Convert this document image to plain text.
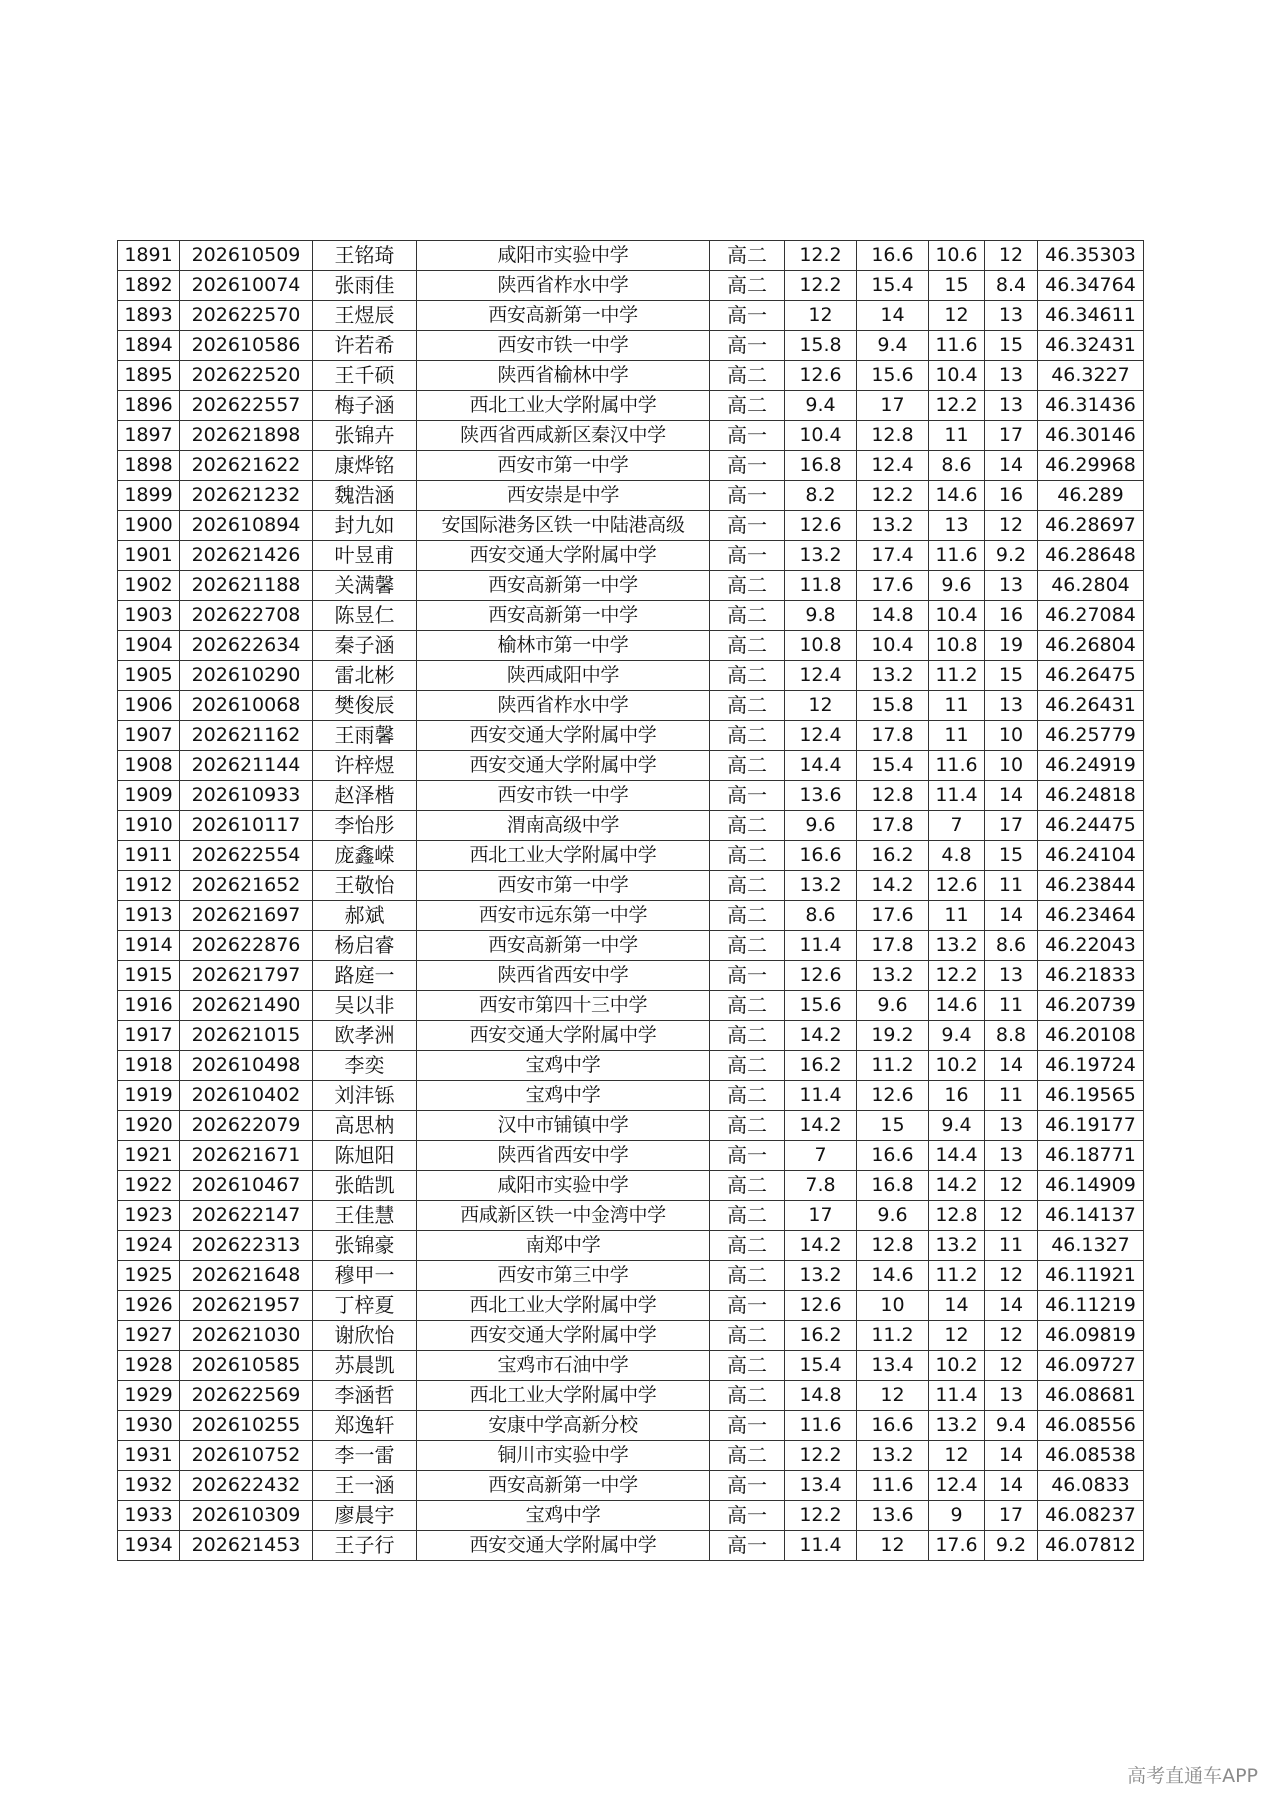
1891	202610509	王铭琦	咸阳市实验中学	高二	12.2	16.6	10.6	12	46.35303
1892	202610074	张雨佳	陕西省柞水中学	高二	12.2	15.4	15	8.4	46.34764
1893	202622570	王煜辰	西安高新第一中学	高一	12	14	12	13	46.34611
1894	202610586	许若希	西安市铁一中学	高一	15.8	9.4	11.6	15	46.32431
1895	202622520	王千硕	陕西省榆林中学	高二	12.6	15.6	10.4	13	46.3227
1896	202622557	梅子涵	西北工业大学附属中学	高二	9.4	17	12.2	13	46.31436
1897	202621898	张锦卉	陕西省西咸新区秦汉中学	高一	10.4	12.8	11	17	46.30146
1898	202621622	康烨铭	西安市第一中学	高一	16.8	12.4	8.6	14	46.29968
1899	202621232	魏浩涵	西安崇是中学	高一	8.2	12.2	14.6	16	46.289
1900	202610894	封九如	安国际港务区铁一中陆港高级	高一	12.6	13.2	13	12	46.28697
1901	202621426	叶昱甫	西安交通大学附属中学	高一	13.2	17.4	11.6	9.2	46.28648
1902	202621188	关满馨	西安高新第一中学	高二	11.8	17.6	9.6	13	46.2804
1903	202622708	陈昱仁	西安高新第一中学	高二	9.8	14.8	10.4	16	46.27084
1904	202622634	秦子涵	榆林市第一中学	高二	10.8	10.4	10.8	19	46.26804
1905	202610290	雷北彬	陕西咸阳中学	高二	12.4	13.2	11.2	15	46.26475
1906	202610068	樊俊辰	陕西省柞水中学	高二	12	15.8	11	13	46.26431
1907	202621162	王雨馨	西安交通大学附属中学	高二	12.4	17.8	11	10	46.25779
1908	202621144	许梓煜	西安交通大学附属中学	高二	14.4	15.4	11.6	10	46.24919
1909	202610933	赵泽楷	西安市铁一中学	高一	13.6	12.8	11.4	14	46.24818
1910	202610117	李怡彤	渭南高级中学	高二	9.6	17.8	7	17	46.24475
1911	202622554	庞鑫嵘	西北工业大学附属中学	高二	16.6	16.2	4.8	15	46.24104
1912	202621652	王敬怡	西安市第一中学	高二	13.2	14.2	12.6	11	46.23844
1913	202621697	郝斌	西安市远东第一中学	高二	8.6	17.6	11	14	46.23464
1914	202622876	杨启睿	西安高新第一中学	高二	11.4	17.8	13.2	8.6	46.22043
1915	202621797	路庭一	陕西省西安中学	高一	12.6	13.2	12.2	13	46.21833
1916	202621490	吴以非	西安市第四十三中学	高二	15.6	9.6	14.6	11	46.20739
1917	202621015	欧孝洲	西安交通大学附属中学	高二	14.2	19.2	9.4	8.8	46.20108
1918	202610498	李奕	宝鸡中学	高二	16.2	11.2	10.2	14	46.19724
1919	202610402	刘沣铄	宝鸡中学	高二	11.4	12.6	16	11	46.19565
1920	202622079	高思枘	汉中市铺镇中学	高二	14.2	15	9.4	13	46.19177
1921	202621671	陈旭阳	陕西省西安中学	高一	7	16.6	14.4	13	46.18771
1922	202610467	张皓凯	咸阳市实验中学	高二	7.8	16.8	14.2	12	46.14909
1923	202622147	王佳慧	西咸新区铁一中金湾中学	高二	17	9.6	12.8	12	46.14137
1924	202622313	张锦豪	南郑中学	高二	14.2	12.8	13.2	11	46.1327
1925	202621648	穆甲一	西安市第三中学	高二	13.2	14.6	11.2	12	46.11921
1926	202621957	丁梓夏	西北工业大学附属中学	高一	12.6	10	14	14	46.11219
1927	202621030	谢欣怡	西安交通大学附属中学	高二	16.2	11.2	12	12	46.09819
1928	202610585	苏晨凯	宝鸡市石油中学	高二	15.4	13.4	10.2	12	46.09727
1929	202622569	李涵哲	西北工业大学附属中学	高二	14.8	12	11.4	13	46.08681
1930	202610255	郑逸轩	安康中学高新分校	高一	11.6	16.6	13.2	9.4	46.08556
1931	202610752	李一雷	铜川市实验中学	高二	12.2	13.2	12	14	46.08538
1932	202622432	王一涵	西安高新第一中学	高一	13.4	11.6	12.4	14	46.0833
1933	202610309	廖晨宇	宝鸡中学	高一	12.2	13.6	9	17	46.08237
1934	202621453	王子行	西安交通大学附属中学	高一	11.4	12	17.6	9.2	46.07812
高考直通车APP
